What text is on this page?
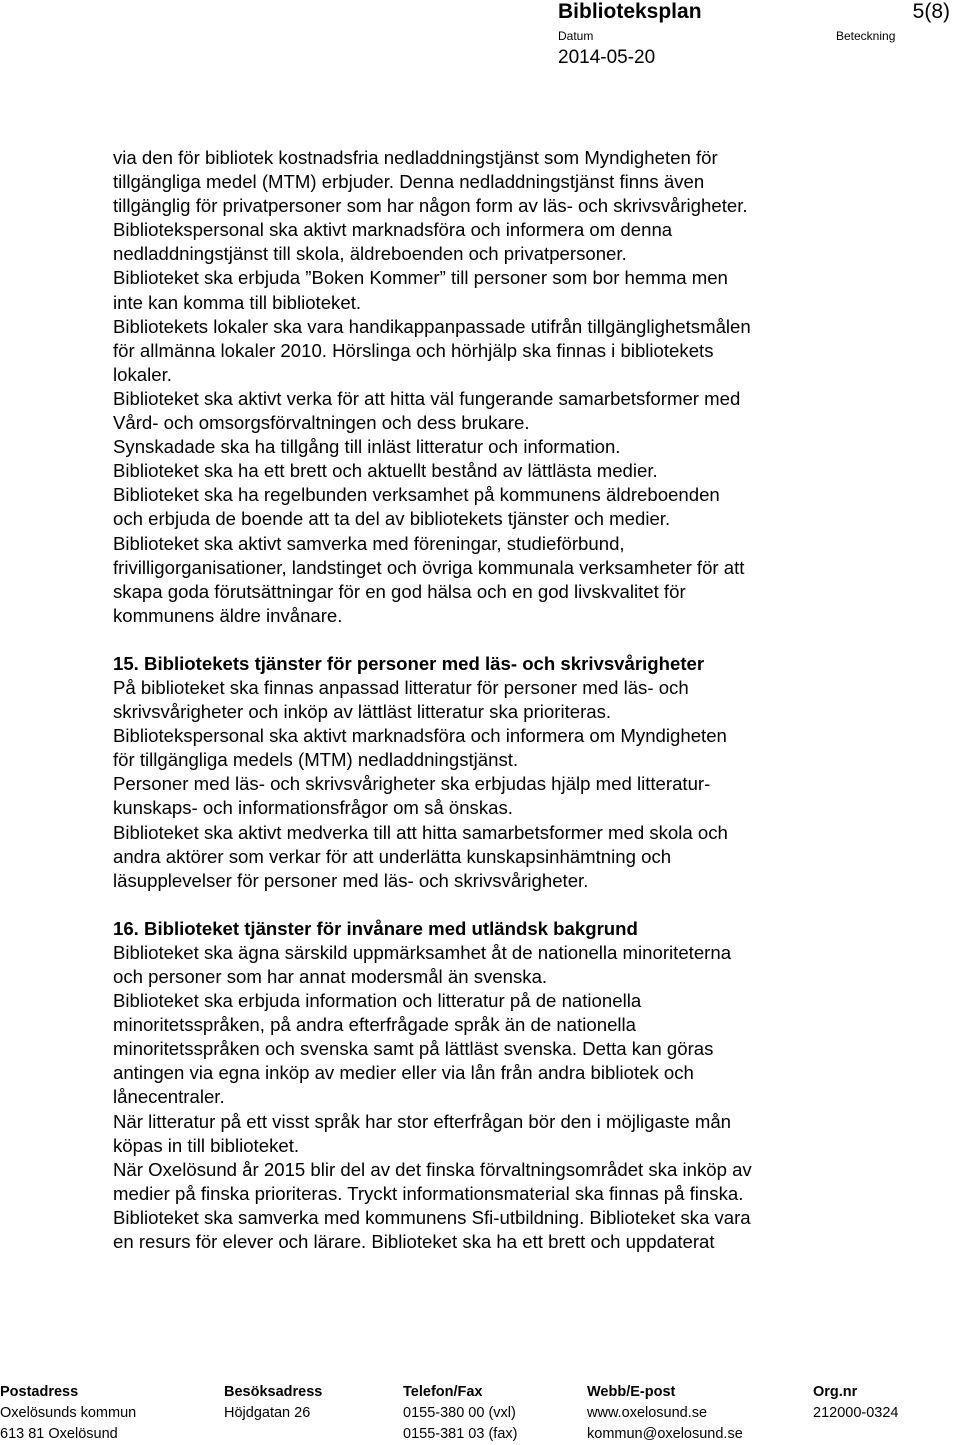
Biblioteksplan	5(8)
Datum	Beteckning
2014-05-20
via den för bibliotek kostnadsfria nedladdningstjänst som Myndigheten för
tillgängliga medel (MTM) erbjuder. Denna nedladdningstjänst finns även
tillgänglig för privatpersoner som har någon form av läs- och skrivsvårigheter.
Bibliotekspersonal ska aktivt marknadsföra och informera om denna
nedladdningstjänst till skola, äldreboenden och privatpersoner.
Biblioteket ska erbjuda ”Boken Kommer” till personer som bor hemma men
inte kan komma till biblioteket.
Bibliotekets lokaler ska vara handikappanpassade utifrån tillgänglighetsmålen
för allmänna lokaler 2010. Hörslinga och hörhjälp ska finnas i bibliotekets
lokaler.
Biblioteket ska aktivt verka för att hitta väl fungerande samarbetsformer med
Vård- och omsorgsförvaltningen och dess brukare.
Synskadade ska ha tillgång till inläst litteratur och information.
Biblioteket ska ha ett brett och aktuellt bestånd av lättlästa medier.
Biblioteket ska ha regelbunden verksamhet på kommunens äldreboenden
och erbjuda de boende att ta del av bibliotekets tjänster och medier.
Biblioteket ska aktivt samverka med föreningar, studieförbund,
frivilligorganisationer, landstinget och övriga kommunala verksamheter för att
skapa goda förutsättningar för en god hälsa och en god livskvalitet för
kommunens äldre invånare.
15. Bibliotekets tjänster för personer med läs- och skrivsvårigheter
På biblioteket ska finnas anpassad litteratur för personer med läs- och
skrivsvårigheter och inköp av lättläst litteratur ska prioriteras.
Bibliotekspersonal ska aktivt marknadsföra och informera om Myndigheten
för tillgängliga medels (MTM) nedladdningstjänst.
Personer med läs- och skrivsvårigheter ska erbjudas hjälp med litteratur-
kunskaps- och informationsfrågor om så önskas.
Biblioteket ska aktivt medverka till att hitta samarbetsformer med skola och
andra aktörer som verkar för att underlätta kunskapsinhämtning och
läsupplevelser för personer med läs- och skrivsvårigheter.
16. Biblioteket tjänster för invånare med utländsk bakgrund
Biblioteket ska ägna särskild uppmärksamhet åt de nationella minoriteterna
och personer som har annat modersmål än svenska.
Biblioteket ska erbjuda information och litteratur på de nationella
minoritetsspråken, på andra efterfrågade språk än de nationella
minoritetsspråken och svenska samt på lättläst svenska. Detta kan göras
antingen via egna inköp av medier eller via lån från andra bibliotek och
lånecentraler.
När litteratur på ett visst språk har stor efterfrågan bör den i möjligaste mån
köpas in till biblioteket.
När Oxelösund år 2015 blir del av det finska förvaltningsområdet ska inköp av
medier på finska prioriteras. Tryckt informationsmaterial ska finnas på finska.
Biblioteket ska samverka med kommunens Sfi-utbildning. Biblioteket ska vara
en resurs för elever och lärare. Biblioteket ska ha ett brett och uppdaterat
Postadress
Oxelösunds kommun
613 81 Oxelösund
Besöksadress
Höjdgatan 26
Telefon/Fax
0155-380 00 (vxl)
0155-381 03 (fax)
Webb/E-post
www.oxelosund.se
kommun@oxelosund.se
Org.nr
212000-0324
